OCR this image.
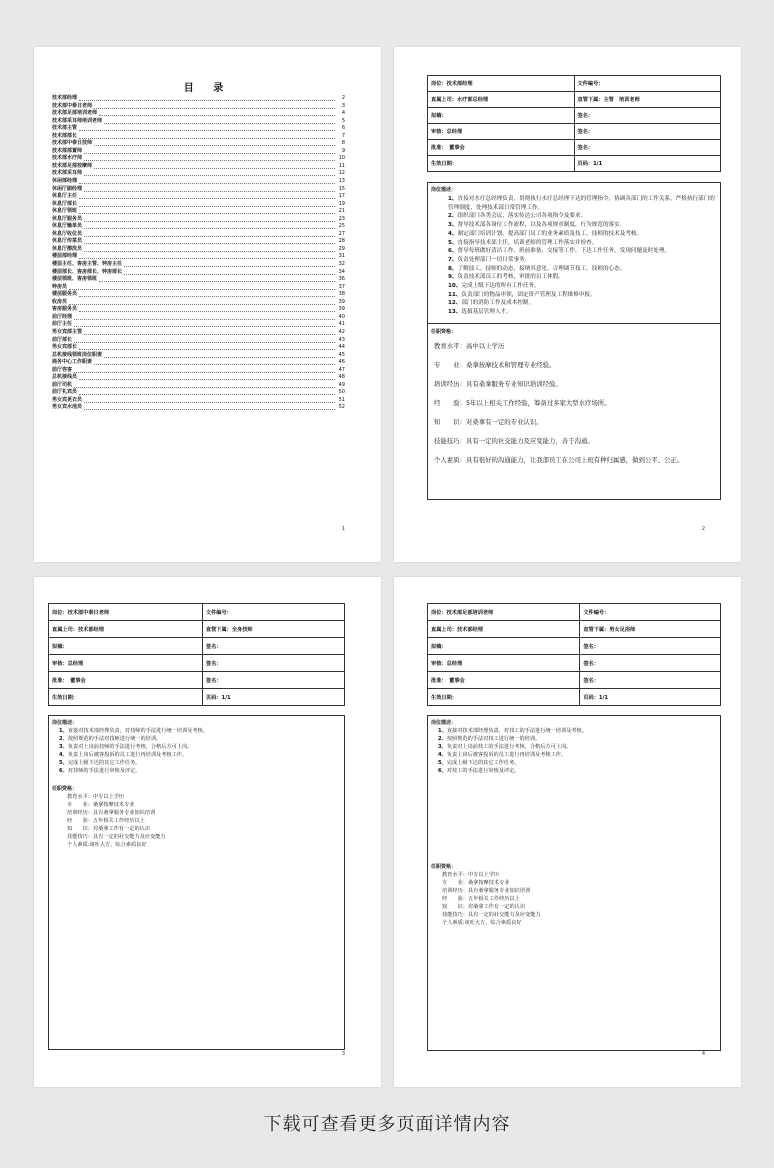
目 录
技术部经理	2
技术部中泰日老师	3
技术部足部培训老师	4
技术部采耳师培训老师	5
技术部主管	6
技术部部长	7
技术部中泰日技师	8
技术部部置师	9
技术部水疗师	10
技术部足部按摩师	11
技术部采耳师	12
休闲部经理	13
休闲厅副经理	15
休息厅主任	17
休息厅部长	19
休息厅领班	21
休息厅服务员	23
休息厅输单员	25
休息厅收位员	27
休息厅传菜员	28
休息厅擦洗员	29
楼层部经理	31
楼层主任、客房主管、钟房主任	32
楼层部长、客房部长、钟房部长	34
楼层领班、客房领班	36
钟房员	37
楼层服务员	38
收房员	39
客房服务员	39
前厅经理	40
前厅主任	41
男女宾部主管	42
前厅部长	43
男女宾部长	44
总机接线领班岗位职责	45
商务中心工作职责	46
前厅咨客	47
总机接线员	48
前厅司机	49
前厅礼宾员	50
男女宾更衣员	51
男女宾水池员	52
1
岗位：技术部经理	文件编号：
直属上司：水疗部总经理	直管下属：主管　培训老师
拟稿：	签名：
审核：总经理	签名：
批准：　董事会	签名：
生效日期：	页码：1/1
岗位描述：
1、直接对水疗总经理负责，贯彻执行水疗总经理下达的管理指令，协调各部门的工作关系，严格执行部门的管理制度，处理技术部日常管理工作。
2、组织部门各类会议，落实传达公司各项指令及要求。
3、督导技术部各岗位工作流程，以及各项规章制度，行为规范的落实.
4、制定部门培训计划，提高部门员工的业务素质及技工，技师的技术及考核。
5、直接指导技术部主任、培训老师的管理工作落实并检查。
6、督导每班做好清洁工作、班前准备、交接等工作，下达工作任务，发现问题及时处理。
7、负责处理部门一切日常事务。
8、了解技工、技师的动态，接纳其意见，合理调节技工、技师的心态。
9、负责技术部员工的考核，审批的员工休假。
10、完成上级下达的所有工作任务。
11、负责部门的物品申领，固定资产管理及工程维修申报。
12、部门的消防工作及成本控制。
13、选拔基层管理人才。
任职资格：
教育水平：高中以上学历
专　　业：桑拿按摩技术和管理专业经验。
培训经历：具有桑拿服务专业知识培训经验。
经　　验：5年以上相关工作经验，筹备过多家大型水疗场所。
知　　识：对桑拿有一定的专业认识。
技能技巧：具有一定的社交能力及应变能力，善于沟通。
个人素质：具有很好的沟通能力，让我部员工在公司上班有种归属感，做到公平、公正。
2
岗位：技术部中泰日老师	文件编号：
直属上司：技术部经理	直管下属：全身技师
拟稿：	签名：
审核：总经理	签名：
批准：　董事会	签名：
生效日期：	页码：1/1
岗位描述：
1、直接对技术部经理负责，对技师的手法进行统一培训及考核。
2、按照规范的手法对技师进行统一的培训。
3、负责对上岗前技师的手法进行考核，合格后方可上岗。
4、负责上岗后被客投诉的员工进行再培训及考核工作。
5、完成上级下达的其它工作任务。
6、对技师的手法进行审核及评定。
任职资格：
教育水平：中专以上学历
专　　业：桑拿按摩技术专业
培训经历：具有桑拿服务专业知识培训
经　　验：五年相关工作经历以上
知　　识：对桑拿工作有一定的认识
技能技巧：具有一定的社交能力及应变能力
个人素质:谈吐大方、综合素质良好
3
岗位：技术部足部培训老师	文件编号：
直属上司：技术部经理	直管下属：男女足浴师
拟稿：	签名：
审核：总经理	签名：
批准：　董事会	签名：
生效日期：	页码：1/1
岗位描述：
1、直接对技术部经理负责，对技工的手法进行统一培训及考核。
2、按照规范的手法对技工进行统一的培训。
3、负责对上岗前技工的手法进行考核，合格后方可上岗。
4、负责上岗后被客投诉的员工进行再培训及考核工作。
5、完成上级下达的其它工作任务。
6、对技工的手法进行审核及评定。
任职资格：
教育水平：中专以上学历
专　　业：桑拿按摩技术专业
培训经历：具有桑拿服务专业知识培训
经　　验：五年相关工作经历以上
知　　识：对桑拿工作有一定的认识
技能技巧：具有一定的社交能力及应变能力
个人素质:谈吐大方、综合素质良好
4
下载可查看更多页面详情内容
